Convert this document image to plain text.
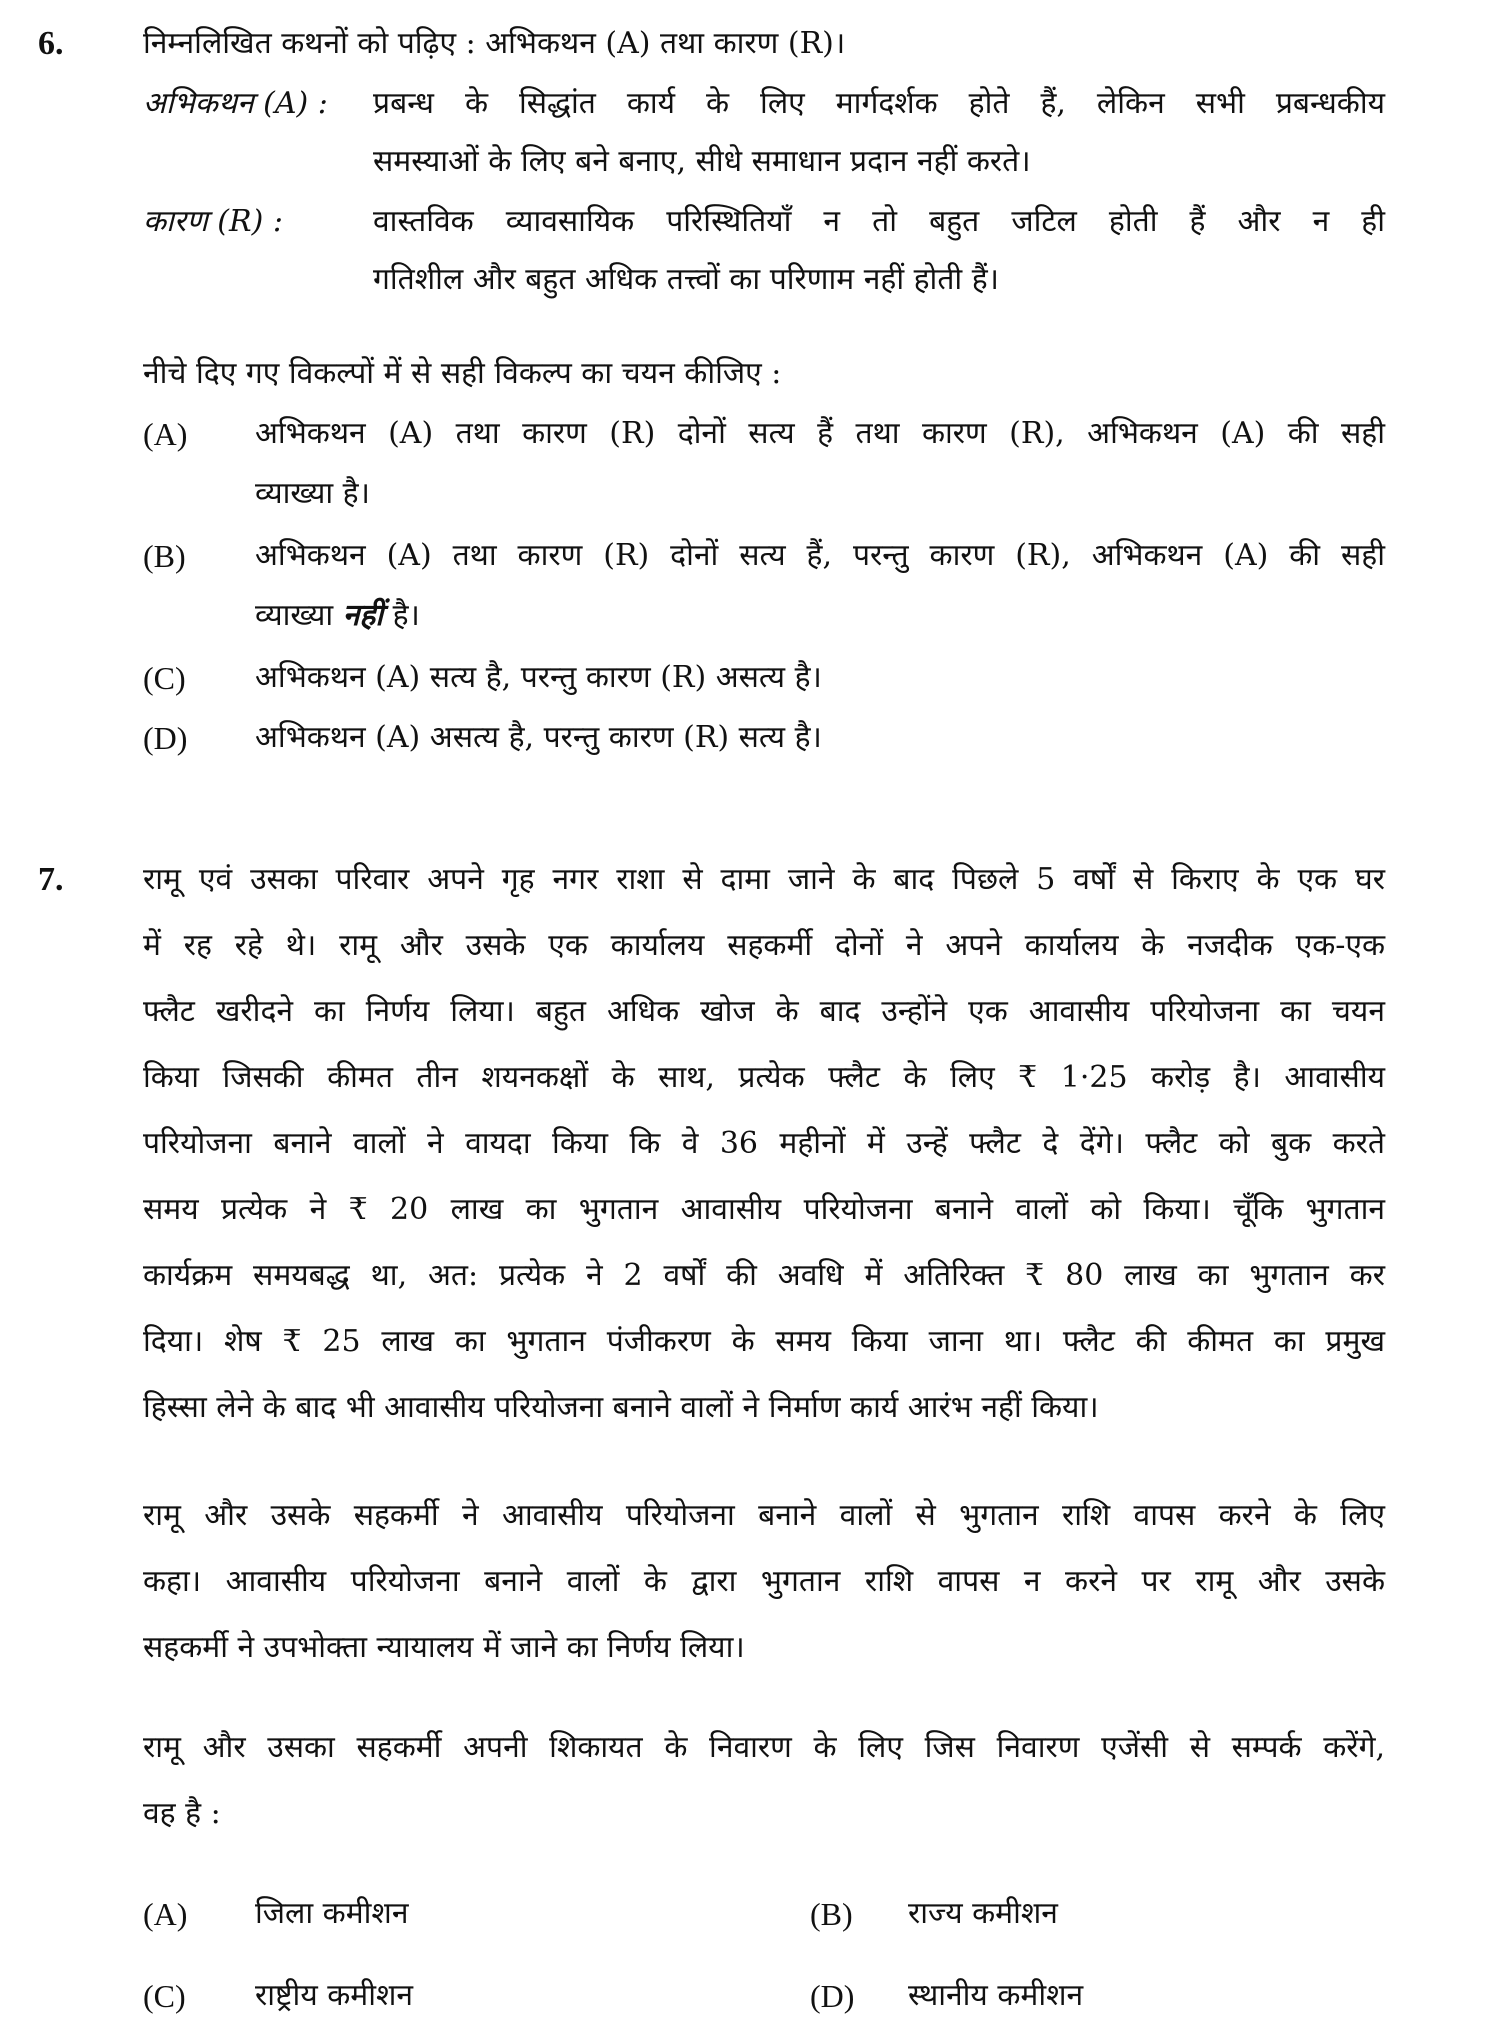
6.	निम्नलिखित कथनों को पढ़िए : अभिकथन (A) तथा कारण (R)।
अभिकथन (A) : प्रबन्ध के सिद्धांत कार्य के लिए मार्गदर्शक होते हैं, लेकिन सभी प्रबन्धकीय
समस्याओं के लिए बने बनाए, सीधे समाधान प्रदान नहीं करते।
कारण (R) :	वास्तविक व्यावसायिक परिस्थितियाँ न तो बहुत जटिल होती हैं और न ही
गतिशील और बहुत अधिक तत्त्वों का परिणाम नहीं होती हैं।
नीचे दिए गए विकल्पों में से सही विकल्प का चयन कीजिए :
(A) अभिकथन (A) तथा कारण (R) दोनों सत्य हैं तथा कारण (R), अभिकथन (A) की सही
व्याख्या है।
(B) अभिकथन (A) तथा कारण (R) दोनों सत्य हैं, परन्तु कारण (R), अभिकथन (A) की सही
व्याख्या नहीं है।
(C) अभिकथन (A) सत्य है, परन्तु कारण (R) असत्य है।
(D) अभिकथन (A) असत्य है, परन्तु कारण (R) सत्य है।
7.	रामू एवं उसका परिवार अपने गृह नगर राशा से दामा जाने के बाद पिछले 5 वर्षों से किराए के एक घर
में रह रहे थे। रामू और उसके एक कार्यालय सहकर्मी दोनों ने अपने कार्यालय के नजदीक एक-एक
फ्लैट खरीदने का निर्णय लिया। बहुत अधिक खोज के बाद उन्होंने एक आवासीय परियोजना का चयन
किया जिसकी कीमत तीन शयनकक्षों के साथ, प्रत्येक फ्लैट के लिए ₹ 1·25 करोड़ है। आवासीय
परियोजना बनाने वालों ने वायदा किया कि वे 36 महीनों में उन्हें फ्लैट दे देंगे। फ्लैट को बुक करते
समय प्रत्येक ने ₹ 20 लाख का भुगतान आवासीय परियोजना बनाने वालों को किया। चूँकि भुगतान
कार्यक्रम समयबद्ध था, अत: प्रत्येक ने 2 वर्षों की अवधि में अतिरिक्त ₹ 80 लाख का भुगतान कर
दिया। शेष ₹ 25 लाख का भुगतान पंजीकरण के समय किया जाना था। फ्लैट की कीमत का प्रमुख
हिस्सा लेने के बाद भी आवासीय परियोजना बनाने वालों ने निर्माण कार्य आरंभ नहीं किया।
रामू और उसके सहकर्मी ने आवासीय परियोजना बनाने वालों से भुगतान राशि वापस करने के लिए
कहा। आवासीय परियोजना बनाने वालों के द्वारा भुगतान राशि वापस न करने पर रामू और उसके
सहकर्मी ने उपभोक्ता न्यायालय में जाने का निर्णय लिया।
रामू और उसका सहकर्मी अपनी शिकायत के निवारण के लिए जिस निवारण एजेंसी से सम्पर्क करेंगे,
वह है :
(A) जिला कमीशन	(B) राज्य कमीशन
(C) राष्ट्रीय कमीशन	(D) स्थानीय कमीशन
